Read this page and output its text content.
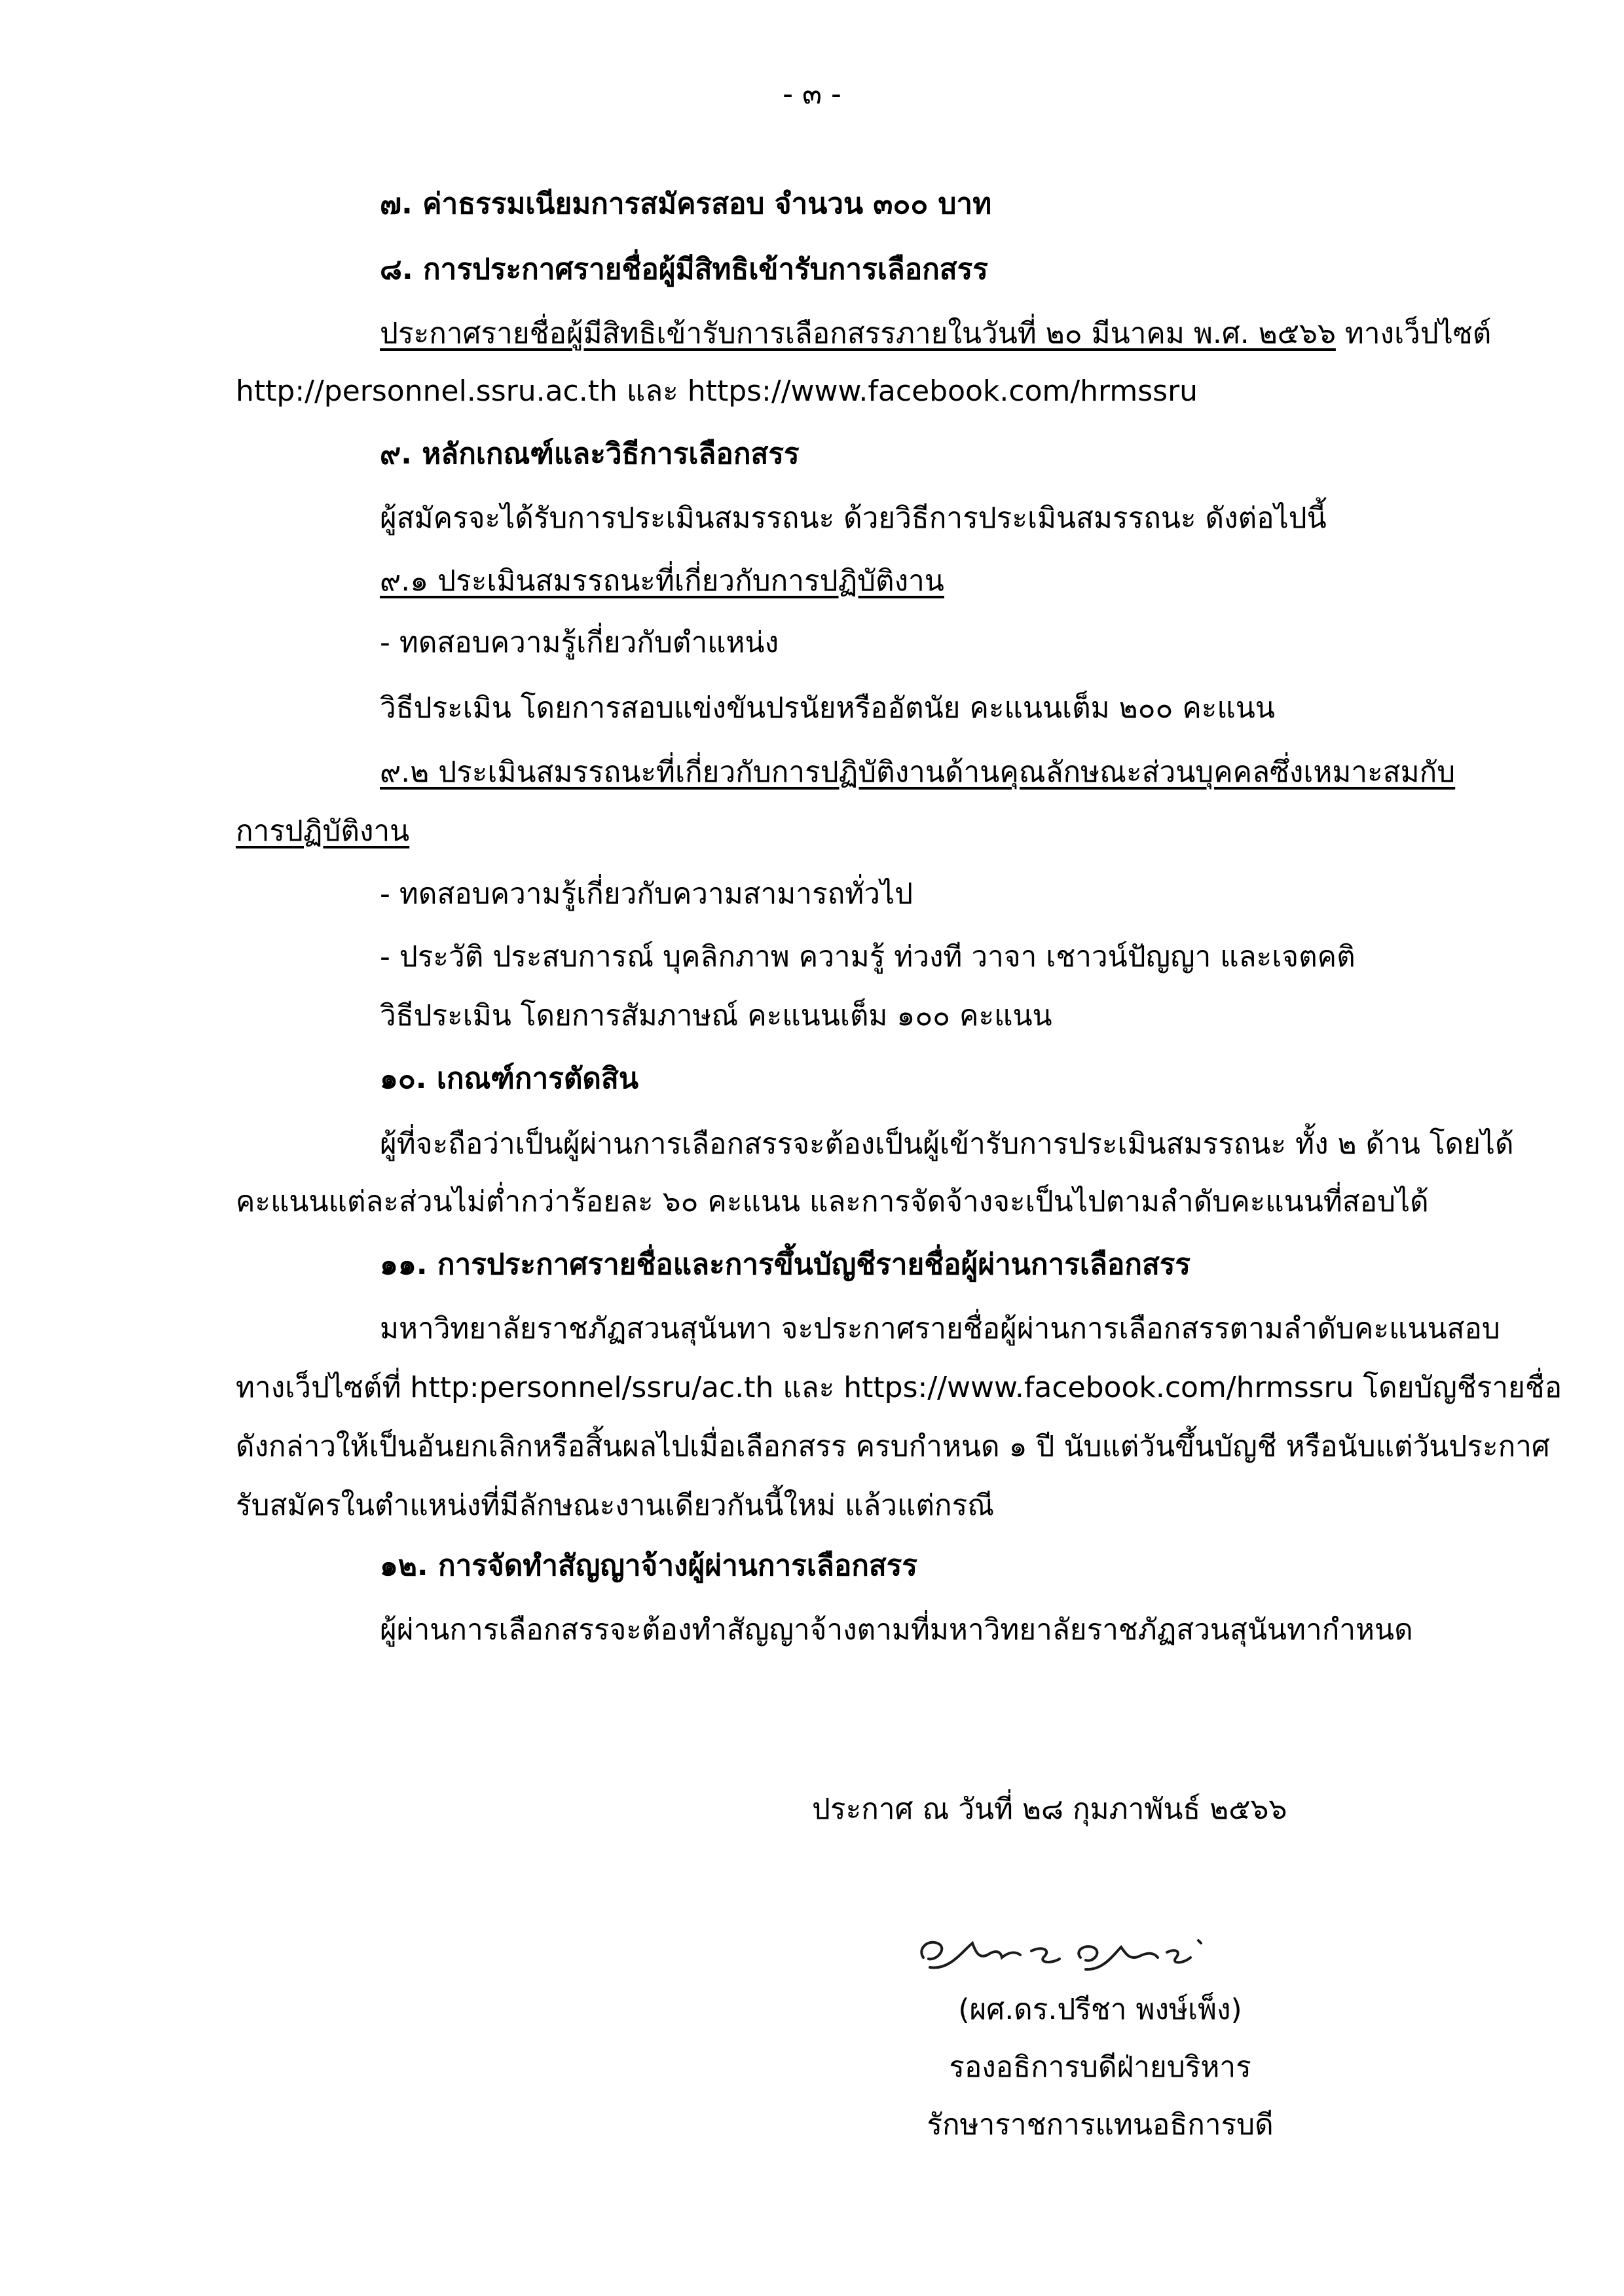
- ๓ -
๗. ค่าธรรมเนียมการสมัครสอบ จำนวน ๓๐๐ บาท
๘. การประกาศรายชื่อผู้มีสิทธิเข้ารับการเลือกสรร
ประกาศรายชื่อผู้มีสิทธิเข้ารับการเลือกสรรภายในวันที่ ๒๐ มีนาคม พ.ศ. ๒๕๖๖ ทางเว็ปไซต์
http://personnel.ssru.ac.th และ https://www.facebook.com/hrmssru
๙. หลักเกณฑ์และวิธีการเลือกสรร
ผู้สมัครจะได้รับการประเมินสมรรถนะ ด้วยวิธีการประเมินสมรรถนะ ดังต่อไปนี้
๙.๑ ประเมินสมรรถนะที่เกี่ยวกับการปฏิบัติงาน
- ทดสอบความรู้เกี่ยวกับตำแหน่ง
วิธีประเมิน โดยการสอบแข่งขันปรนัยหรืออัตนัย คะแนนเต็ม ๒๐๐ คะแนน
๙.๒ ประเมินสมรรถนะที่เกี่ยวกับการปฏิบัติงานด้านคุณลักษณะส่วนบุคคลซึ่งเหมาะสมกับ
การปฏิบัติงาน
- ทดสอบความรู้เกี่ยวกับความสามารถทั่วไป
- ประวัติ ประสบการณ์ บุคลิกภาพ ความรู้ ท่วงที วาจา เชาวน์ปัญญา และเจตคติ
วิธีประเมิน โดยการสัมภาษณ์ คะแนนเต็ม ๑๐๐ คะแนน
๑๐. เกณฑ์การตัดสิน
ผู้ที่จะถือว่าเป็นผู้ผ่านการเลือกสรรจะต้องเป็นผู้เข้ารับการประเมินสมรรถนะ ทั้ง ๒ ด้าน โดยได้
คะแนนแต่ละส่วนไม่ต่ำกว่าร้อยละ ๖๐ คะแนน และการจัดจ้างจะเป็นไปตามลำดับคะแนนที่สอบได้
๑๑. การประกาศรายชื่อและการขึ้นบัญชีรายชื่อผู้ผ่านการเลือกสรร
มหาวิทยาลัยราชภัฏสวนสุนันทา จะประกาศรายชื่อผู้ผ่านการเลือกสรรตามลำดับคะแนนสอบ
ทางเว็ปไซต์ที่ http:personnel/ssru/ac.th และ https://www.facebook.com/hrmssru โดยบัญชีรายชื่อ
ดังกล่าวให้เป็นอันยกเลิกหรือสิ้นผลไปเมื่อเลือกสรร ครบกำหนด ๑ ปี นับแต่วันขึ้นบัญชี หรือนับแต่วันประกาศ
รับสมัครในตำแหน่งที่มีลักษณะงานเดียวกันนี้ใหม่ แล้วแต่กรณี
๑๒. การจัดทำสัญญาจ้างผู้ผ่านการเลือกสรร
ผู้ผ่านการเลือกสรรจะต้องทำสัญญาจ้างตามที่มหาวิทยาลัยราชภัฏสวนสุนันทากำหนด
ประกาศ ณ วันที่ ๒๘ กุมภาพันธ์ ๒๕๖๖
(ผศ.ดร.ปรีชา พงษ์เพ็ง)
รองอธิการบดีฝ่ายบริหาร
รักษาราชการแทนอธิการบดี
